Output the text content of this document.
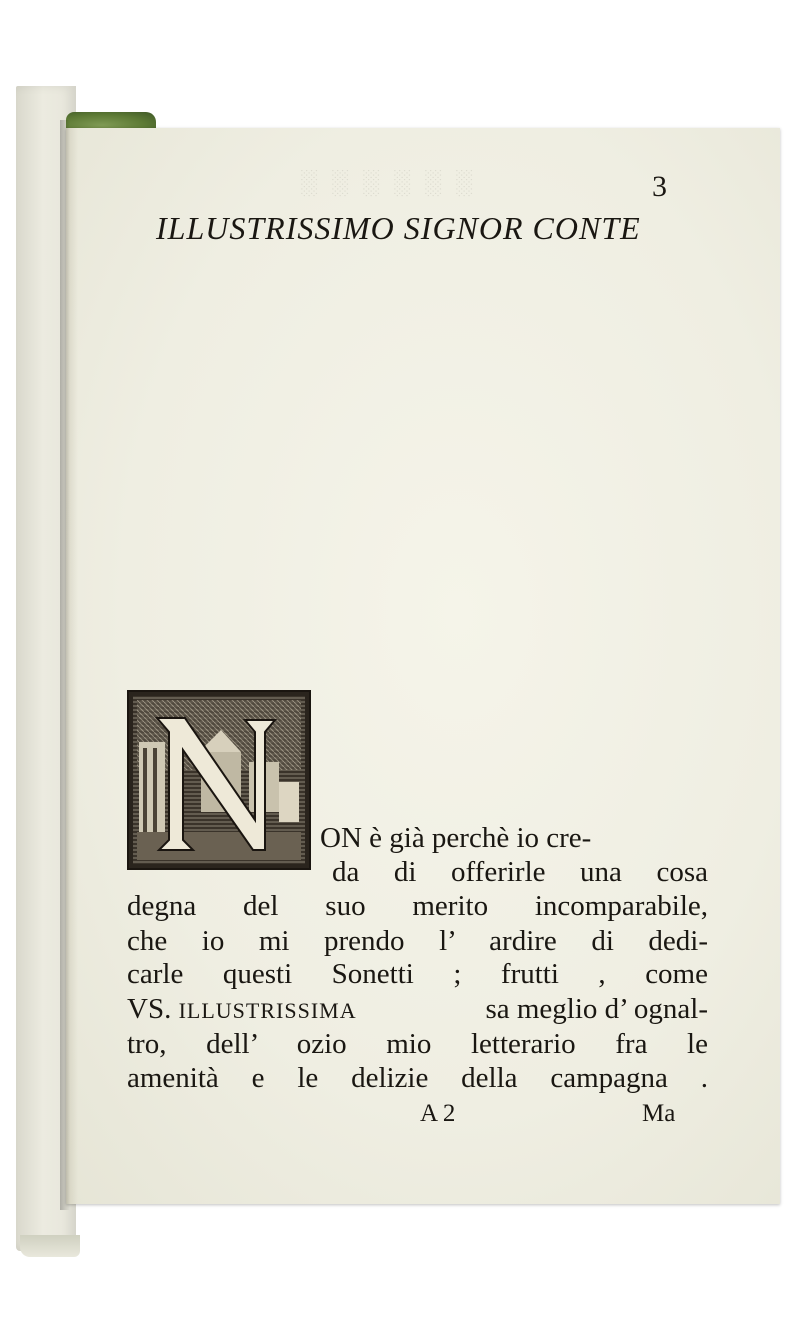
░░░░░░	3
ILLUSTRISSIMO SIGNOR CONTE
ON è già perchè io cre-
da di offerirle una cosa
degna del suo merito incomparabile,
che io mi prendo l’ ardire di dedi-
carle questi Sonetti ; frutti , come
VS. ILLUSTRISSIMA	sa meglio d’ ognal-
tro, dell’ ozio mio letterario fra le
amenità e le delizie della campagna .
A 2	Ma
